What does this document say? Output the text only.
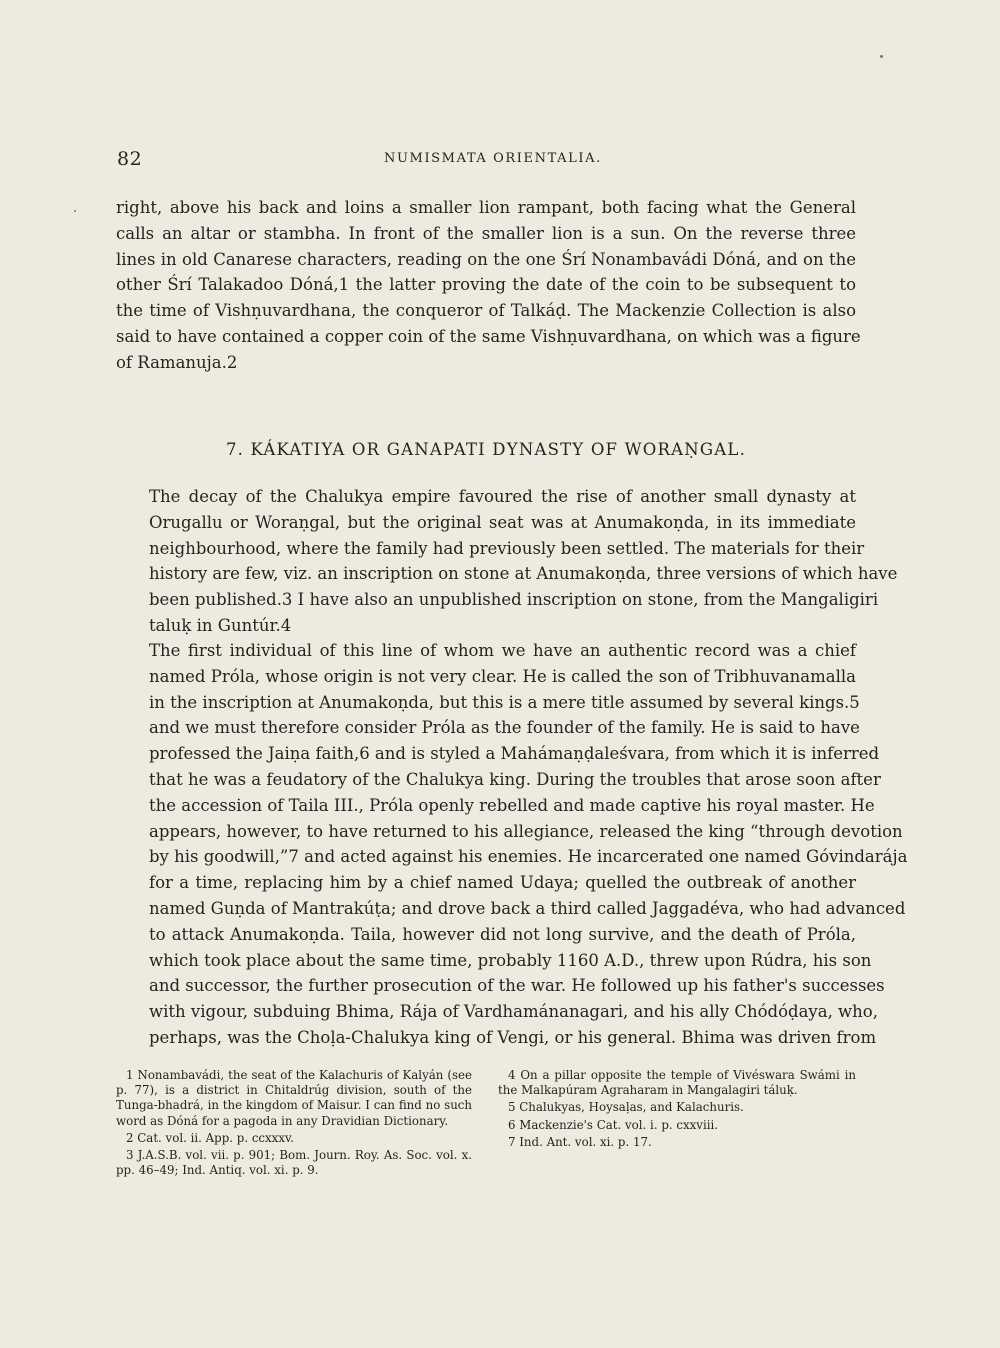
82	NUMISMATA ORIENTALIA.
right, above his back and loins a smaller lion rampant, both facing what the General
calls an altar or stambha. In front of the smaller lion is a sun. On the reverse three
lines in old Canarese characters, reading on the one Śrí Nonambavádi Dóná, and on the
other Śrí Talakadoo Dóná,1 the latter proving the date of the coin to be subsequent to
the time of Vishṇuvardhana, the conqueror of Talkáḍ. The Mackenzie Collection is also
said to have contained a copper coin of the same Vishṇuvardhana, on which was a figure
of Ramanuja.2
7. KÁKATIYA OR GANAPATI DYNASTY OF WORAṆGAL.
The decay of the Chalukya empire favoured the rise of another small dynasty at
Orugallu or Woraṇgal, but the original seat was at Anumakoṇda, in its immediate
neighbourhood, where the family had previously been settled. The materials for their
history are few, viz. an inscription on stone at Anumakoṇda, three versions of which have
been published.3 I have also an unpublished inscription on stone, from the Mangaligiri
taluḳ in Guntúr.4
The first individual of this line of whom we have an authentic record was a chief
named Próla, whose origin is not very clear. He is called the son of Tribhuvanamalla
in the inscription at Anumakoṇda, but this is a mere title assumed by several kings.5
and we must therefore consider Próla as the founder of the family. He is said to have
professed the Jaiṇa faith,6 and is styled a Mahámaṇḍaleśvara, from which it is inferred
that he was a feudatory of the Chalukya king. During the troubles that arose soon after
the accession of Taila III., Próla openly rebelled and made captive his royal master. He
appears, however, to have returned to his allegiance, released the king “through devotion
by his goodwill,”7 and acted against his enemies. He incarcerated one named Góvindarája
for a time, replacing him by a chief named Udaya; quelled the outbreak of another
named Guṇda of Mantrakúṭa; and drove back a third called Jaggadéva, who had advanced
to attack Anumakoṇda. Taila, however did not long survive, and the death of Próla,
which took place about the same time, probably 1160 A.D., threw upon Rúdra, his son
and successor, the further prosecution of the war. He followed up his father's successes
with vigour, subduing Bhima, Rája of Vardhamánanagari, and his ally Chódóḍaya, who,
perhaps, was the Choḷa-Chalukya king of Vengi, or his general. Bhima was driven from

1 Nonambavádi, the seat of the Kalachuris of Kalyán (see p. 77), is a district in Chitaldrúg division, south of the Tunga-bhadrá, in the kingdom of Maisur. I can find no such word as Dóná for a pagoda in any Dravidian Dictionary.

2 Cat. vol. ii. App. p. ccxxxv.

3 J.A.S.B. vol. vii. p. 901; Bom. Journ. Roy. As. Soc. vol. x. pp. 46–49; Ind. Antiq. vol. xi. p. 9.

4 On a pillar opposite the temple of Vivéswara Swámi in the Malkapúram Agraharam in Mangalagiri táluḳ.

5 Chalukyas, Hoysaḷas, and Kalachuris.

6 Mackenzie's Cat. vol. i. p. cxxviii.

7 Ind. Ant. vol. xi. p. 17.
